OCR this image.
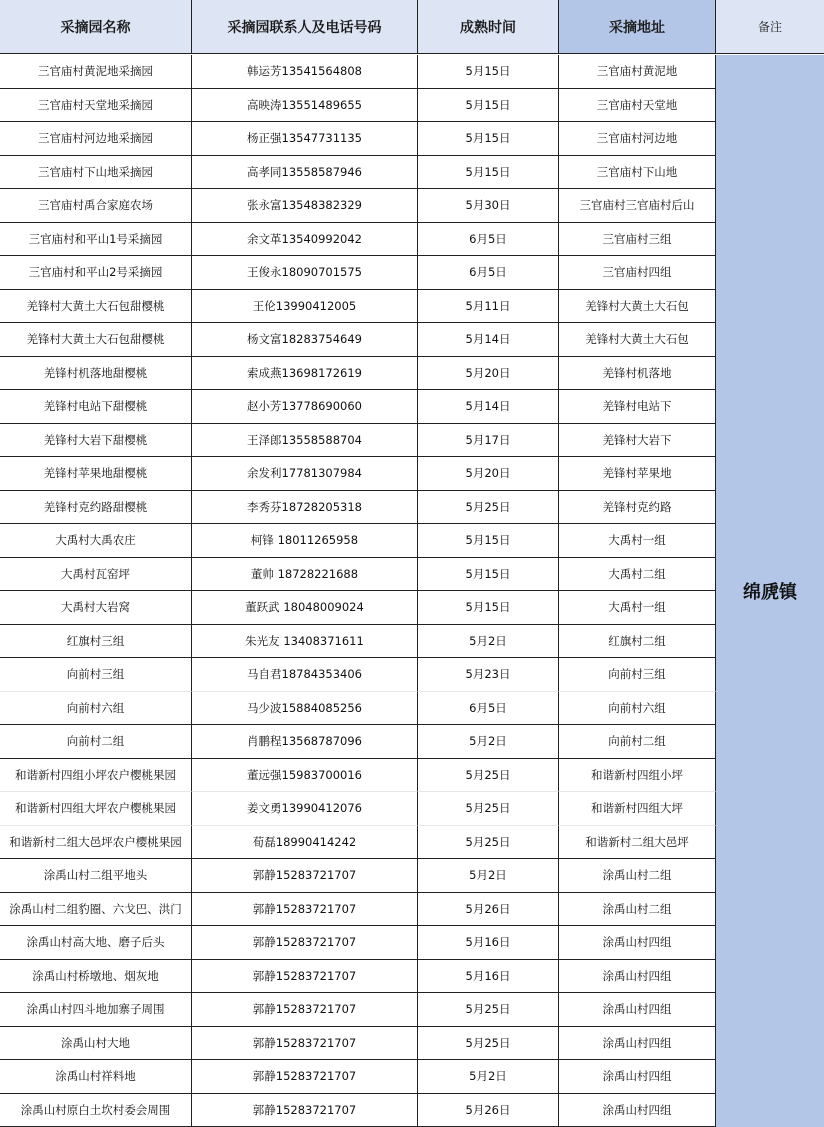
采摘园名称	采摘园联系人及电话号码	成熟时间	采摘地址	备注
三官庙村黄泥地采摘园	韩运芳13541564808	5月15日	三官庙村黄泥地
三官庙村天堂地采摘园	高映涛13551489655	5月15日	三官庙村天堂地
三官庙村河边地采摘园	杨正强13547731135	5月15日	三官庙村河边地
三官庙村下山地采摘园	高孝同13558587946	5月15日	三官庙村下山地
三官庙村禹合家庭农场	张永富13548382329	5月30日	三官庙村三官庙村后山
三官庙村和平山1号采摘园	余文革13540992042	6月5日	三官庙村三组
三官庙村和平山2号采摘园	王俊永18090701575	6月5日	三官庙村四组
羌锋村大黄土大石包甜樱桃	王伦13990412005	5月11日	羌锋村大黄土大石包
羌锋村大黄土大石包甜樱桃	杨文富18283754649	5月14日	羌锋村大黄土大石包
羌锋村机落地甜樱桃	索成燕13698172619	5月20日	羌锋村机落地
羌锋村电站下甜樱桃	赵小芳13778690060	5月14日	羌锋村电站下
羌锋村大岩下甜樱桃	王泽郎13558588704	5月17日	羌锋村大岩下
羌锋村苹果地甜樱桃	余发利17781307984	5月20日	羌锋村苹果地
羌锋村克约路甜樱桃	李秀芬18728205318	5月25日	羌锋村克约路
大禹村大禹农庄	柯锋 18011265958	5月15日	大禹村一组
大禹村瓦窑坪	董帅 18728221688	5月15日	大禹村二组
大禹村大岩窝	董跃武 18048009024	5月15日	大禹村一组
红旗村三组	朱光友 13408371611	5月2日	红旗村二组
向前村三组	马自君18784353406	5月23日	向前村三组
向前村六组	马少波15884085256	6月5日	向前村六组
向前村二组	肖鹏程13568787096	5月2日	向前村二组
和谐新村四组小坪农户樱桃果园	董远强15983700016	5月25日	和谐新村四组小坪
和谐新村四组大坪农户樱桃果园	姜文勇13990412076	5月25日	和谐新村四组大坪
和谐新村二组大邑坪农户樱桃果园	荀磊18990414242	5月25日	和谐新村二组大邑坪
涂禹山村二组平地头	郭静15283721707	5月2日	涂禹山村二组
涂禹山村二组豹圈、六戈巴、洪门	郭静15283721707	5月26日	涂禹山村二组
涂禹山村高大地、磨子后头	郭静15283721707	5月16日	涂禹山村四组
涂禹山村桥墩地、烟灰地	郭静15283721707	5月16日	涂禹山村四组
涂禹山村四斗地加寨子周围	郭静15283721707	5月25日	涂禹山村四组
涂禹山村大地	郭静15283721707	5月25日	涂禹山村四组
涂禹山村祥料地	郭静15283721707	5月2日	涂禹山村四组
涂禹山村原白土坎村委会周围	郭静15283721707	5月26日	涂禹山村四组
绵虒镇
